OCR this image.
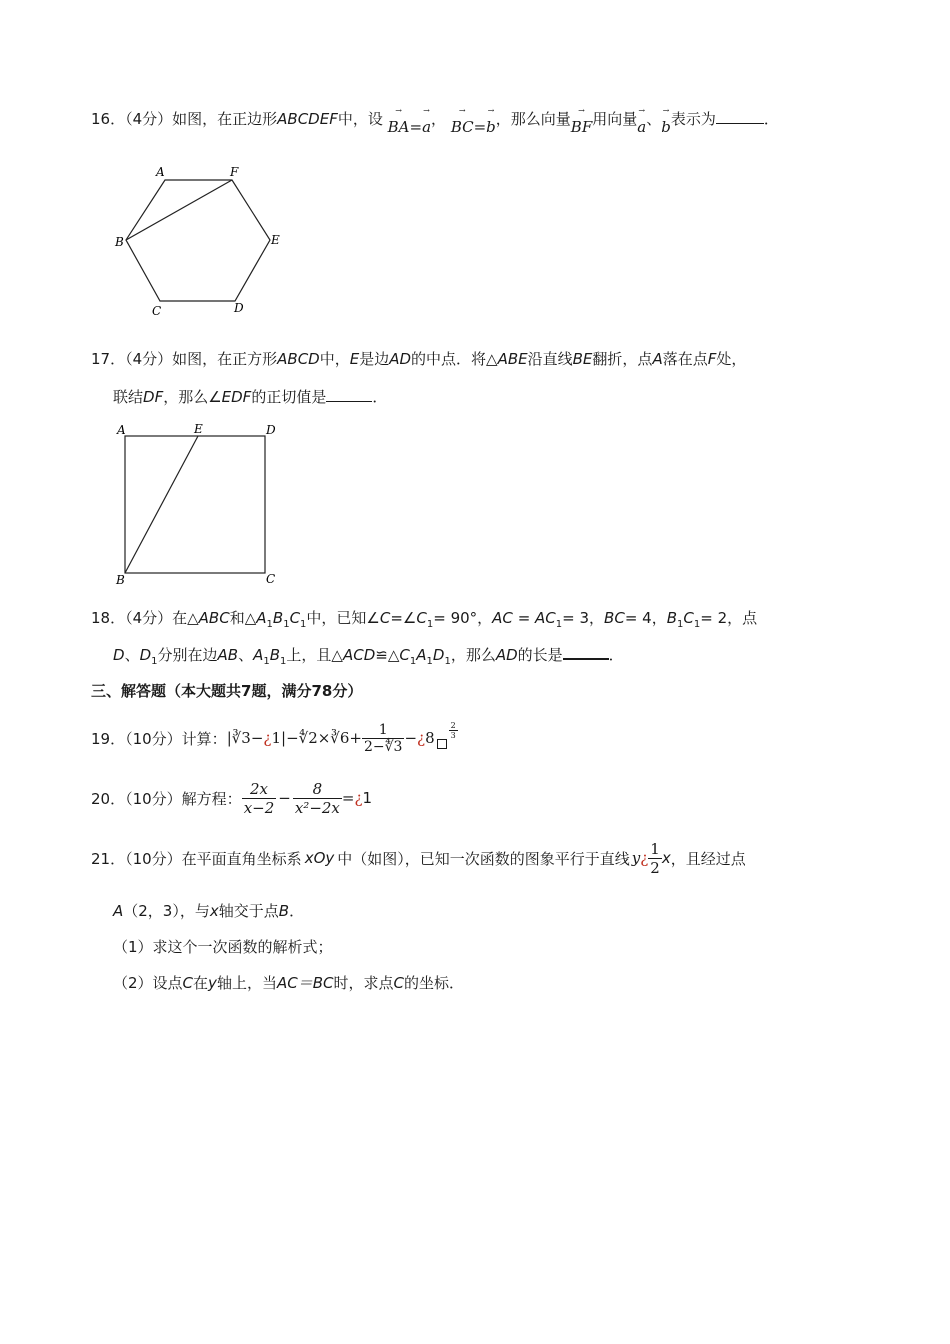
16．（4分）如图，在正边形ABCDEF中，设 → BA=→ a， → BC=→ b，那么向量→ BF用向量→ a、→ b表示为	．
A	F
B	E
C	D
17．（4分）如图，在正方形ABCD中，E是边AD的中点．将△ABE沿直线BE翻折，点A落在点F处，
联结DF，那么∠EDF的正切值是	．
A	E	D
B	C
18．（4分）在△ABC和$\triangle A_1B_1C_1$中，已知$\angle C=\angle C_1= 90^\circ$，AC = $AC_1= 3$，BC= 4，$B_1C_1= 2$，点
D、$D_1$分别在边AB、$A_1B_1$上，且$\triangle ACD≌\triangle C_1A_1D_1$，那么AD的长是	．
三、解答题（本大题共7题，满分78分）
19．（10分）计算： |∛3− ¿ 1|−∜2×∛6+ $\frac{1}{2-∜3}$ − ¿ $8 \frac{2}{3}$
20．（10分）解方程： $\frac{2x}{x-2} - \frac{8}{\text{x²−2x}}$ = ¿ 1
21．（10分）在平面直角坐标系 xOy 中（如图），已知一次函数的图象平行于直线 y ¿ $\frac{1}{2}$ x ，且经过点
A（2，3），与x轴交于点B．
（1）求这个一次函数的解析式；
（2）设点C在y轴上，当AC＝BC时，求点C的坐标．
